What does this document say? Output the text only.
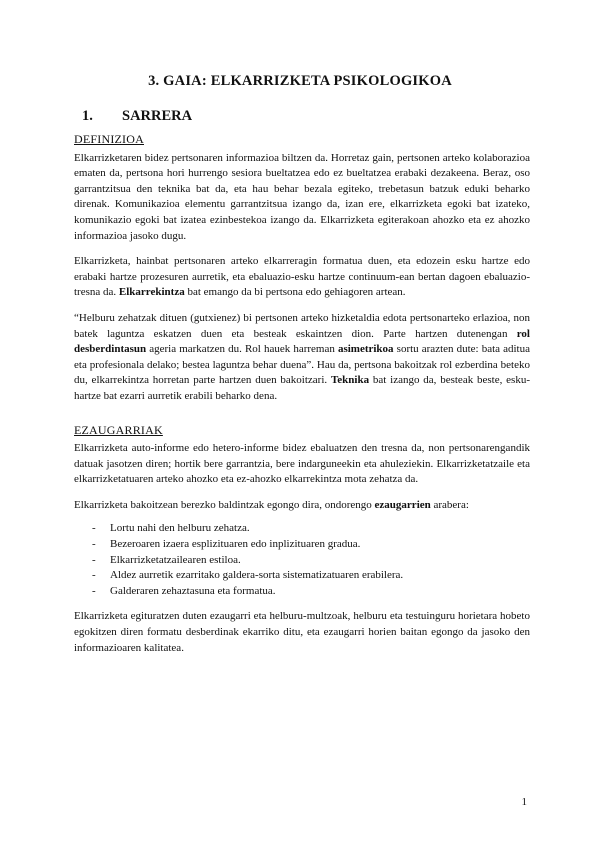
3. GAIA: ELKARRIZKETA PSIKOLOGIKOA
1. SARRERA
DEFINIZIOA

Elkarrizketaren bidez pertsonaren informazioa biltzen da. Horretaz gain, pertsonen arteko kolaborazioa ematen da, pertsona hori hurrengo sesiora bueltatzea edo ez bueltatzea erabaki dezakeena. Beraz, oso garrantzitsua den teknika bat da, eta hau behar bezala egiteko, trebetasun batzuk eduki beharko direnak. Komunikazioa elementu garrantzitsua izango da, izan ere, elkarrizketa egoki bat izateko, komunikazio egoki bat izatea ezinbestekoa izango da. Elkarrizketa egiterakoan ahozko eta ez ahozko informazioa jasoko dugu.

Elkarrizketa, hainbat pertsonaren arteko elkarreragin formatua duen, eta edozein esku hartze edo erabaki hartze prozesuren aurretik, eta ebaluazio-esku hartze continuum-ean bertan dagoen ebaluazio-tresna da. Elkarrekintza bat emango da bi pertsona edo gehiagoren artean.

“Helburu zehatzak dituen (gutxienez) bi pertsonen arteko hizketaldia edota pertsonarteko erlazioa, non batek laguntza eskatzen duen eta besteak eskaintzen dion. Parte hartzen dutenengan rol desberdintasun ageria markatzen du. Rol hauek harreman asimetrikoa sortu arazten dute: bata aditua eta profesionala delako; bestea laguntza behar duena”. Hau da, pertsona bakoitzak rol ezberdina beteko du, elkarrekintza horretan parte hartzen duen bakoitzari. Teknika bat izango da, besteak beste, esku-hartze bat ezarri aurretik erabili beharko dena.

EZAUGARRIAK

Elkarrizketa auto-informe edo hetero-informe bidez ebaluatzen den tresna da, non pertsonarengandik datuak jasotzen diren; hortik bere garrantzia, bere indarguneekin eta ahuleziekin. Elkarrizketatzaile eta elkarrizketatuaren arteko ahozko eta ez-ahozko elkarrekintza mota zehatza da.

Elkarrizketa bakoitzean berezko baldintzak egongo dira, ondorengo ezaugarrien arabera:

- Lortu nahi den helburu zehatza.
- Bezeroaren izaera esplizituaren edo inplizituaren gradua.
- Elkarrizketatzailearen estiloa.
- Aldez aurretik ezarritako galdera-sorta sistematizatuaren erabilera.
- Galderaren zehaztasuna eta formatua.

Elkarrizketa egituratzen duten ezaugarri eta helburu-multzoak, helburu eta testuinguru horietara hobeto egokitzen diren formatu desberdinak ekarriko ditu, eta ezaugarri horien baitan egongo da jasoko den informazioaren kalitatea.

1
